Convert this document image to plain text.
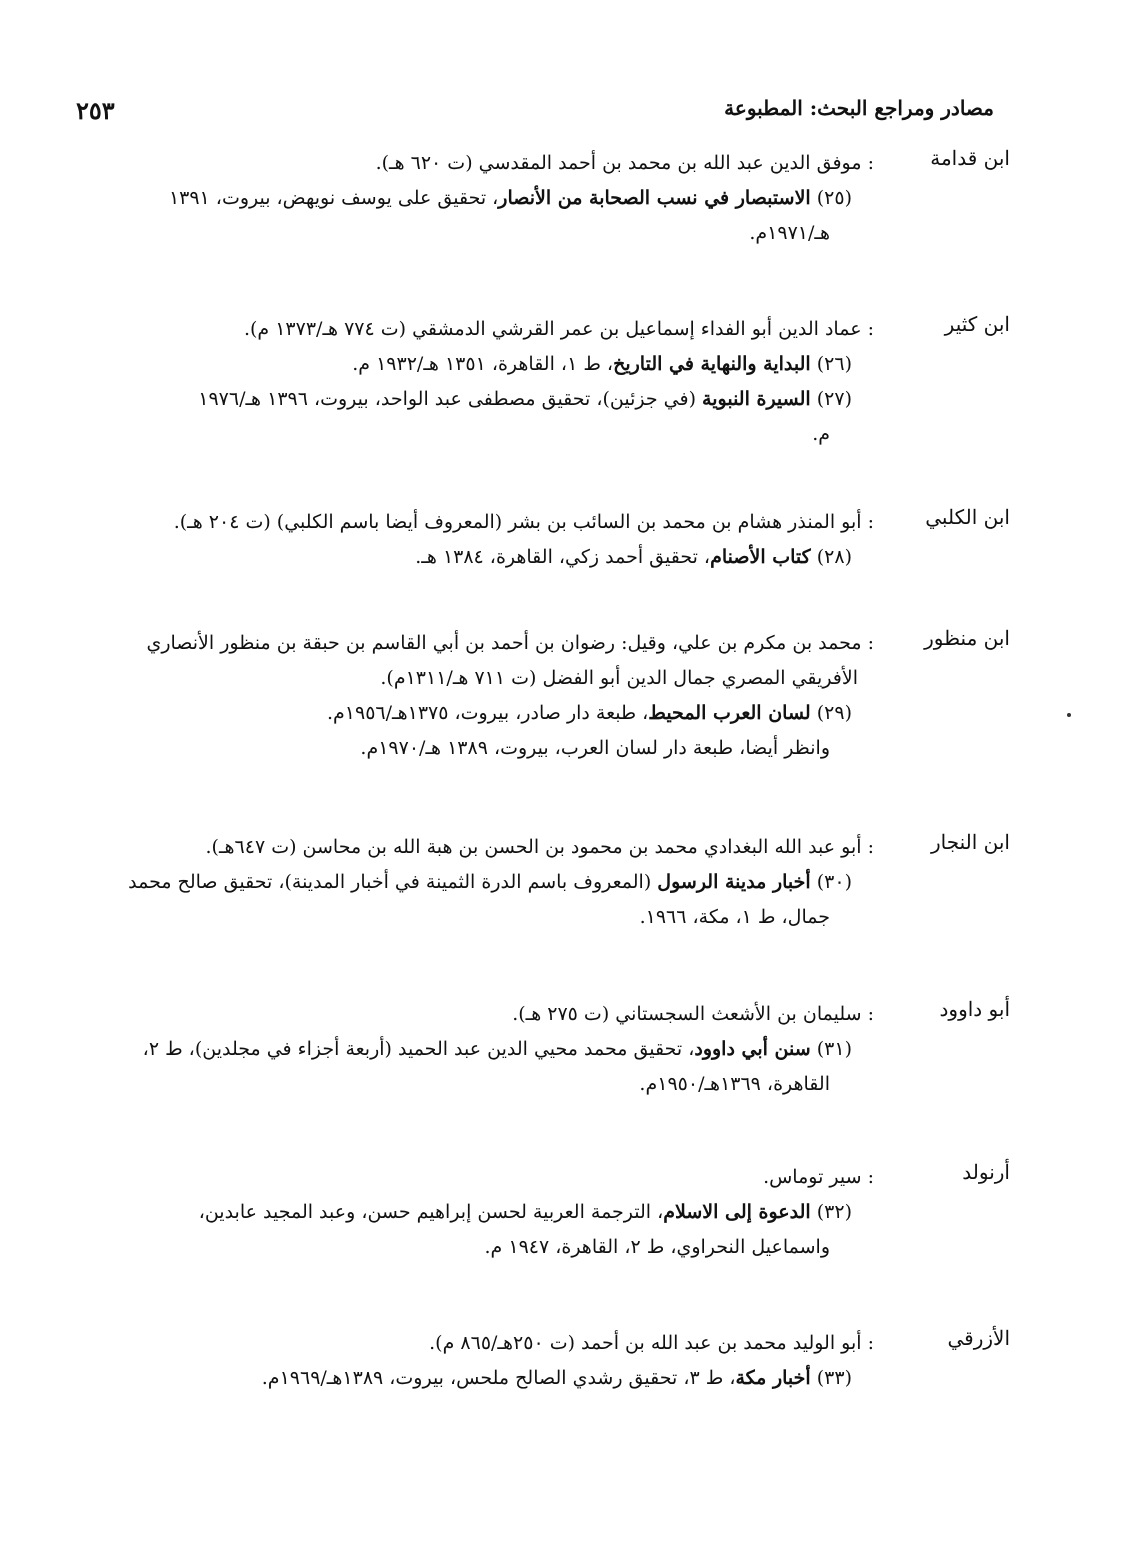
٢٥٣	مصادر ومراجع البحث: المطبوعة
ابن قدامة
: موفق الدين عبد الله بن محمد بن أحمد المقدسي (ت ٦٢٠ هـ).
(٢٥) الاستبصار في نسب الصحابة من الأنصار، تحقيق على يوسف نويهض، بيروت، ١٣٩١
هـ/١٩٧١م.
ابن كثير
: عماد الدين أبو الفداء إسماعيل بن عمر القرشي الدمشقي (ت ٧٧٤ هـ/١٣٧٣ م).
(٢٦) البداية والنهاية في التاريخ، ط ١، القاهرة، ١٣٥١ هـ/١٩٣٢ م.
(٢٧) السيرة النبوية (في جزئين)، تحقيق مصطفى عبد الواحد، بيروت، ١٣٩٦ هـ/١٩٧٦
م.
ابن الكلبي
: أبو المنذر هشام بن محمد بن السائب بن بشر (المعروف أيضا باسم الكلبي) (ت ٢٠٤ هـ).
(٢٨) كتاب الأصنام، تحقيق أحمد زكي، القاهرة، ١٣٨٤ هـ.
ابن منظور
: محمد بن مكرم بن علي، وقيل: رضوان بن أحمد بن أبي القاسم بن حبقة بن منظور الأنصاري
الأفريقي المصري جمال الدين أبو الفضل (ت ٧١١ هـ/١٣١١م).
(٢٩) لسان العرب المحيط، طبعة دار صادر، بيروت، ١٣٧٥هـ/١٩٥٦م.
وانظر أيضا، طبعة دار لسان العرب، بيروت، ١٣٨٩ هـ/١٩٧٠م.
ابن النجار
: أبو عبد الله البغدادي محمد بن محمود بن الحسن بن هبة الله بن محاسن (ت ٦٤٧هـ).
(٣٠) أخبار مدينة الرسول (المعروف باسم الدرة الثمينة في أخبار المدينة)، تحقيق صالح محمد
جمال، ط ١، مكة، ١٩٦٦.
أبو داوود
: سليمان بن الأشعث السجستاني (ت ٢٧٥ هـ).
(٣١) سنن أبي داوود، تحقيق محمد محيي الدين عبد الحميد (أربعة أجزاء في مجلدين)، ط ٢،
القاهرة، ١٣٦٩هـ/١٩٥٠م.
أرنولد
: سير توماس.
(٣٢) الدعوة إلى الاسلام، الترجمة العربية لحسن إبراهيم حسن، وعبد المجيد عابدين،
واسماعيل النحراوي، ط ٢، القاهرة، ١٩٤٧ م.
الأزرقي
: أبو الوليد محمد بن عبد الله بن أحمد (ت ٢٥٠هـ/٨٦٥ م).
(٣٣) أخبار مكة، ط ٣، تحقيق رشدي الصالح ملحس، بيروت، ١٣٨٩هـ/١٩٦٩م.
